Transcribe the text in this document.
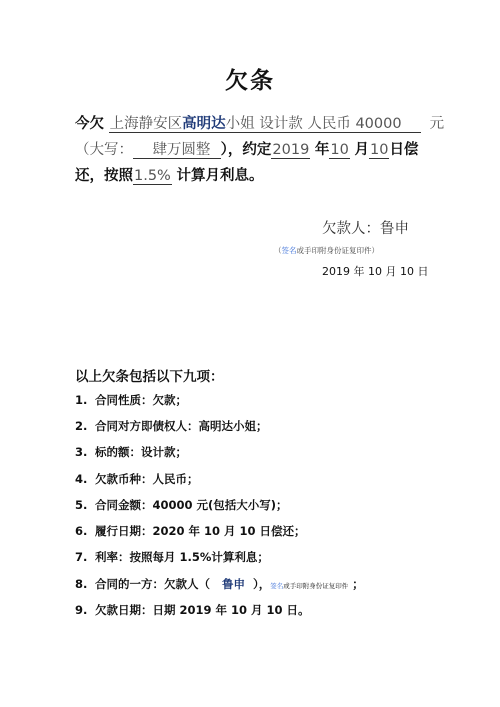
欠条
今欠 上海静安区高明达小姐 设计款 人民币 40000 元
（大写： 肆万圆整 ），约定2019 年10 月10日偿
还，按照1.5% 计算月利息。
欠款人：鲁申
（签名或手印附身份证复印件）
2019 年 10 月 10 日
以上欠条包括以下九项：
1. 合同性质：欠款；
2. 合同对方即债权人：高明达小姐；
3. 标的额：设计款；
4. 欠款币种：人民币；
5. 合同金额：40000 元(包括大小写)；
6. 履行日期：2020 年 10 月 10 日偿还；
7. 利率：按照每月 1.5%计算利息；
8. 合同的一方：欠款人（ 鲁申 ），签名或手印附身份证复印件 ；
9. 欠款日期：日期 2019 年 10 月 10 日。
